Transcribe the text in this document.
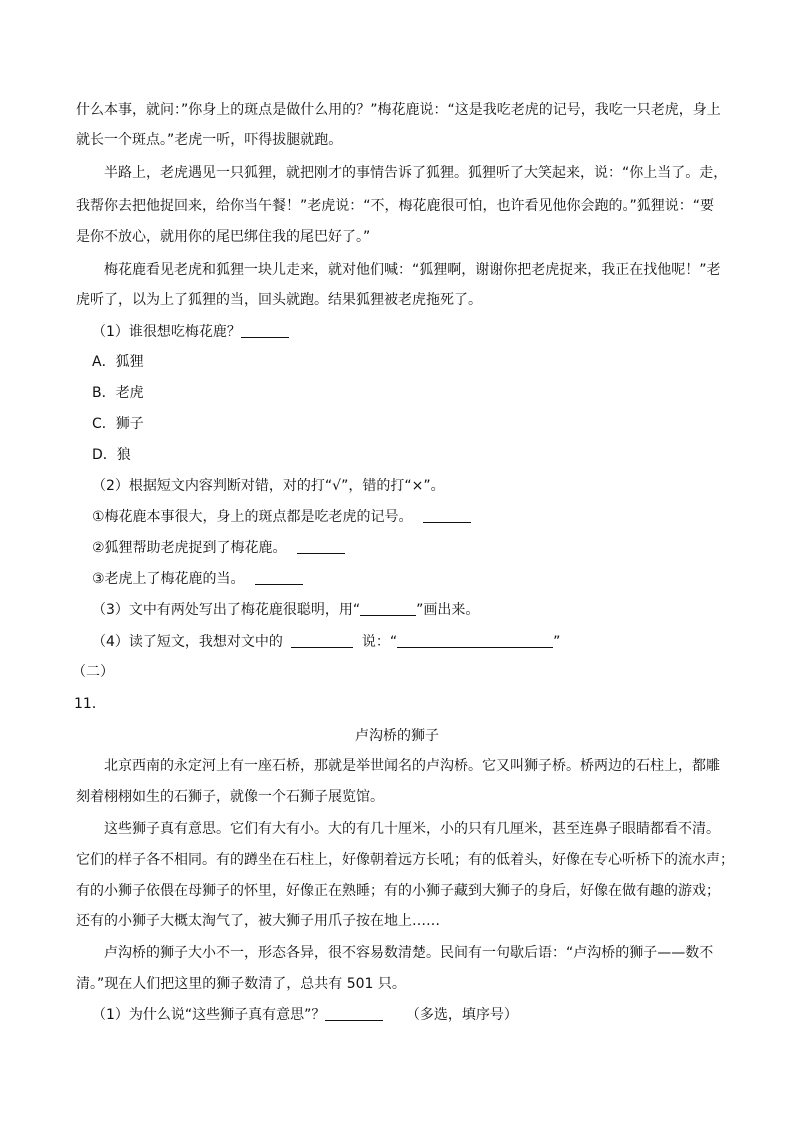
什么本事，就问：”你身上的斑点是做什么用的？”梅花鹿说：“这是我吃老虎的记号，我吃一只老虎，身上
就长一个斑点。”老虎一听，吓得拔腿就跑。
半路上，老虎遇见一只狐狸，就把刚才的事情告诉了狐狸。狐狸听了大笑起来，说：“你上当了。走，
我帮你去把他捉回来，给你当午餐！”老虎说：“不，梅花鹿很可怕，也许看见他你会跑的。”狐狸说：“要
是你不放心，就用你的尾巴绑住我的尾巴好了。”
梅花鹿看见老虎和狐狸一块儿走来，就对他们喊：“狐狸啊，谢谢你把老虎捉来，我正在找他呢！”老
虎听了，以为上了狐狸的当，回头就跑。结果狐狸被老虎拖死了。
（1）谁很想吃梅花鹿？
A．狐狸
B．老虎
C．狮子
D．狼
（2）根据短文内容判断对错，对的打“√”，错的打“×”。
①梅花鹿本事很大，身上的斑点都是吃老虎的记号。
②狐狸帮助老虎捉到了梅花鹿。
③老虎上了梅花鹿的当。
（3）文中有两处写出了梅花鹿很聪明，用“	”画出来。
（4）读了短文，我想对文中的	说：“	”
（二）
11．
卢沟桥的狮子
北京西南的永定河上有一座石桥，那就是举世闻名的卢沟桥。它又叫狮子桥。桥两边的石柱上，都雕
刻着栩栩如生的石狮子，就像一个石狮子展览馆。
这些狮子真有意思。它们有大有小。大的有几十厘米，小的只有几厘米，甚至连鼻子眼睛都看不清。
它们的样子各不相同。有的蹲坐在石柱上，好像朝着远方长吼；有的低着头，好像在专心听桥下的流水声；
有的小狮子依偎在母狮子的怀里，好像正在熟睡；有的小狮子藏到大狮子的身后，好像在做有趣的游戏；
还有的小狮子大概太淘气了，被大狮子用爪子按在地上……
卢沟桥的狮子大小不一，形态各异，很不容易数清楚。民间有一句歇后语：“卢沟桥的狮子——数不
清。”现在人们把这里的狮子数清了，总共有 501 只。
（1）为什么说“这些狮子真有意思”？	（多选，填序号）
